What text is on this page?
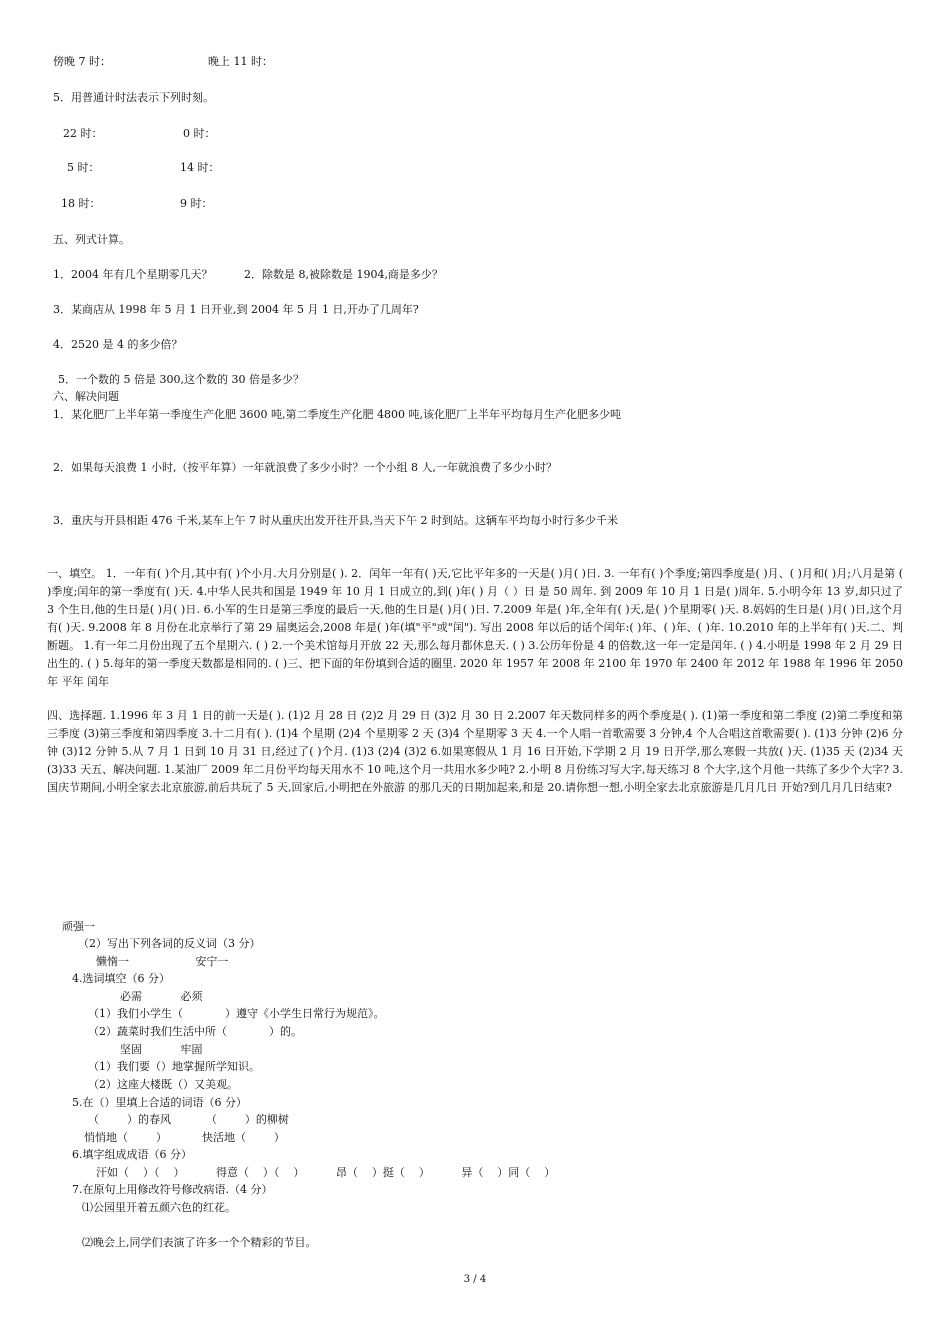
傍晚 7 时：	晚上 11 时：
5．用普通计时法表示下列时刻。
22 时：	0 时：
5 时：	14 时：
18 时：	9 时：
五、列式计算。
1．2004 年有几个星期零几天？         2．除数是 8,被除数是 1904,商是多少？
3．某商店从 1998 年 5 月 1 日开业,到 2004 年 5 月 1 日,开办了几周年?
4．2520 是 4 的多少倍？
5．一个数的 5 倍是 300,这个数的 30 倍是多少？
六、解决问题
1．某化肥厂上半年第一季度生产化肥 3600 吨,第二季度生产化肥 4800 吨,该化肥厂上半年平均每月生产化肥多少吨
2．如果每天浪费 1 小时,（按平年算）一年就浪费了多少小时？一个小组 8 人,一年就浪费了多少小时？
3．重庆与开县相距 476 千米,某车上午 7 时从重庆出发开往开县,当天下午 2 时到站。这辆车平均每小时行多少千米
一、填空。 1．一年有( )个月,其中有( )个小月.大月分别是( ). 2．闰年一年有( )天,它比平年多的一天是( )月( )日. 3. 一年有( )个季度;第四季度是( )月、( )月和( )月;八月是第 ( )季度;闰年的第一季度有( )天. 4.中华人民共和国是 1949 年 10 月 1 日成立的,到( )年( ) 月（ ）日 是 50 周年. 到 2009 年 10 月 1 日是( )周年. 5.小明今年 13 岁,却只过了 3 个生日,他的生日是( )月( )日. 6.小军的生日是第三季度的最后一天,他的生日是( )月( )日. 7.2009 年是( )年,全年有( )天,是( )个星期零( )天. 8.妈妈的生日是( )月( )日,这个月有( )天. 9.2008 年 8 月份在北京举行了第 29 届奥运会,2008 年是( )年(填"平"或"闰"). 写出 2008 年以后的话个闰年:( )年、( )年、( )年. 10.2010 年的上半年有( )天.二、判断题。 1.有一年二月份出现了五个星期六. ( ) 2.一个美术馆每月开放 22 天,那么每月都休息天. ( ) 3.公历年份是 4 的倍数,这一年一定是闰年. ( ) 4.小明是 1998 年 2 月 29 日出生的. ( ) 5.每年的第一季度天数都是相同的. ( )三、把下面的年份填到合适的圈里. 2020 年 1957 年 2008 年 2100 年 1970 年 2400 年 2012 年 1988 年 1996 年 2050 年 平年 闰年
四、选择题. 1.1996 年 3 月 1 日的前一天是( ). (1)2 月 28 日 (2)2 月 29 日 (3)2 月 30 日 2.2007 年天数同样多的两个季度是( ). (1)第一季度和第二季度 (2)第二季度和第三季度 (3)第三季度和第四季度 3.十二月有( ). (1)4 个星期 (2)4 个星期零 2 天 (3)4 个星期零 3 天 4.一个人唱一首歌需要 3 分钟,4 个人合唱这首歌需要( ). (1)3 分钟 (2)6 分钟 (3)12 分钟 5.从 7 月 1 日到 10 月 31 日,经过了( )个月. (1)3 (2)4 (3)2 6.如果寒假从 1 月 16 日开始,下学期 2 月 19 日开学,那么寒假一共放( )天. (1)35 天 (2)34 天 (3)33 天五、解决问题. 1.某油厂 2009 年二月份平均每天用水不 10 吨,这个月一共用水多少吨? 2.小明 8 月份练习写大字,每天练习 8 个大字,这个月他一共练了多少个大字? 3.国庆节期间,小明全家去北京旅游,前后共玩了 5 天,回家后,小明把在外旅游 的那几天的日期加起来,和是 20.请你想一想,小明全家去北京旅游是几月几日 开始?到几月几日结束?
顽强一
（2）写出下列各词的反义词（3 分）
懒惰一                   安宁一
4.选词填空（6 分）
必需           必须
（1）我们小学生（            ）遵守《小学生日常行为规范》。
（2）蔬菜时我们生活中所（            ）的。
坚固           牢固
（1）我们要（）地掌握所学知识。
（2）这座大楼既（）又美观。
5.在（）里填上合适的词语（6 分）
（        ）的春风          （        ）的柳树
悄悄地（        ）          快活地（        ）
6.填字组成成语（6 分）
汗如（    ）（    ）         得意（    ）（    ）         昂（    ）挺（    ）         异（    ）同（    ）
7.在原句上用修改符号修改病语.（4 分）
⑴公园里开着五颜六色的红花。
⑵晚会上,同学们表演了许多一个个精彩的节目。
3 / 4
